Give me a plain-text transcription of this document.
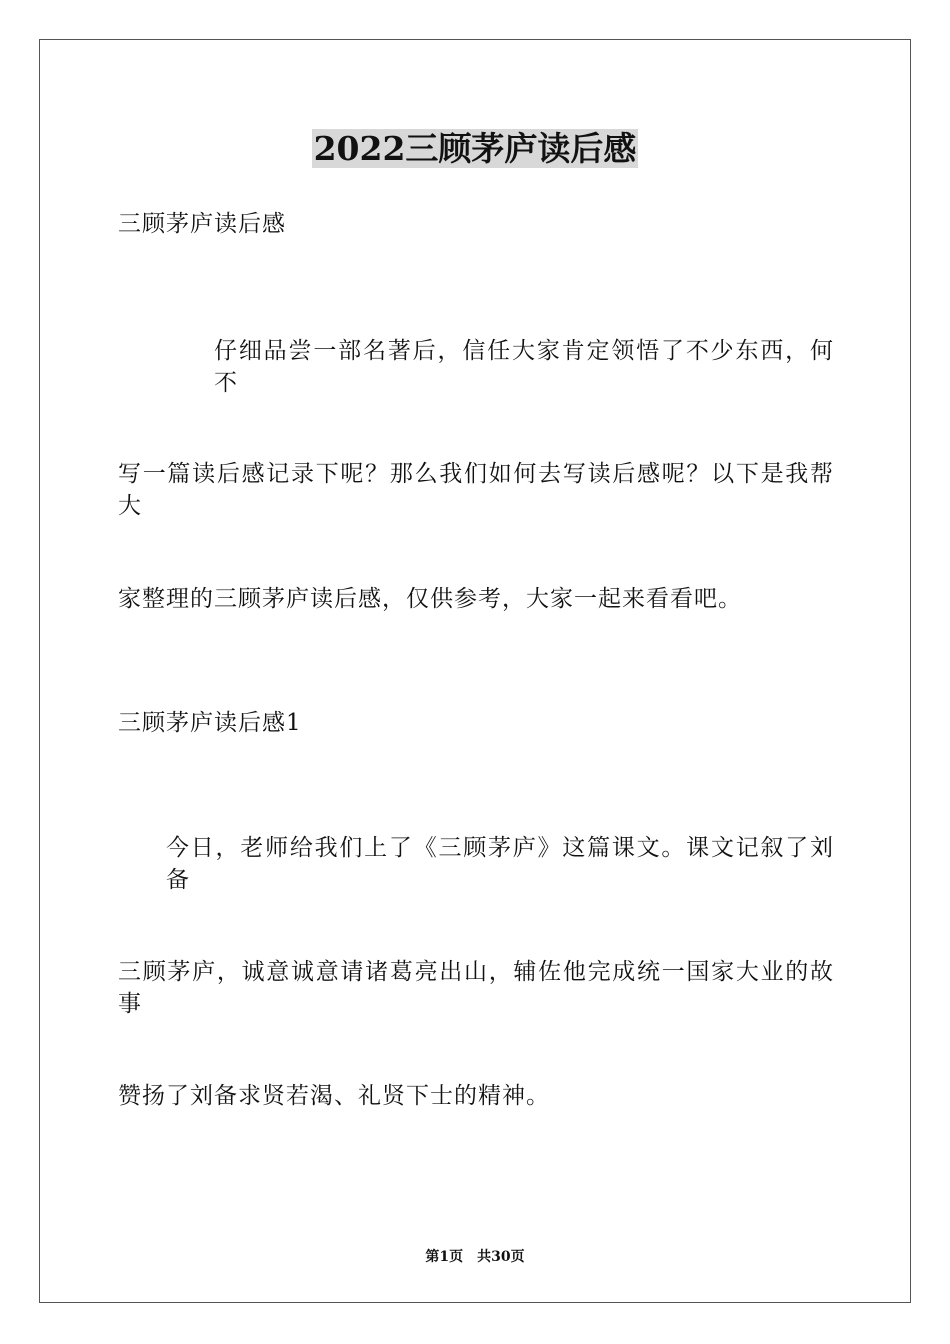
2022三顾茅庐读后感
三顾茅庐读后感
仔细品尝一部名著后，信任大家肯定领悟了不少东西，何不
写一篇读后感记录下呢？那么我们如何去写读后感呢？以下是我帮大
家整理的三顾茅庐读后感，仅供参考，大家一起来看看吧。
三顾茅庐读后感1
今日，老师给我们上了《三顾茅庐》这篇课文。课文记叙了刘备
三顾茅庐，诚意诚意请诸葛亮出山，辅佐他完成统一国家大业的故事
赞扬了刘备求贤若渴、礼贤下士的精神。
第1页　共30页
